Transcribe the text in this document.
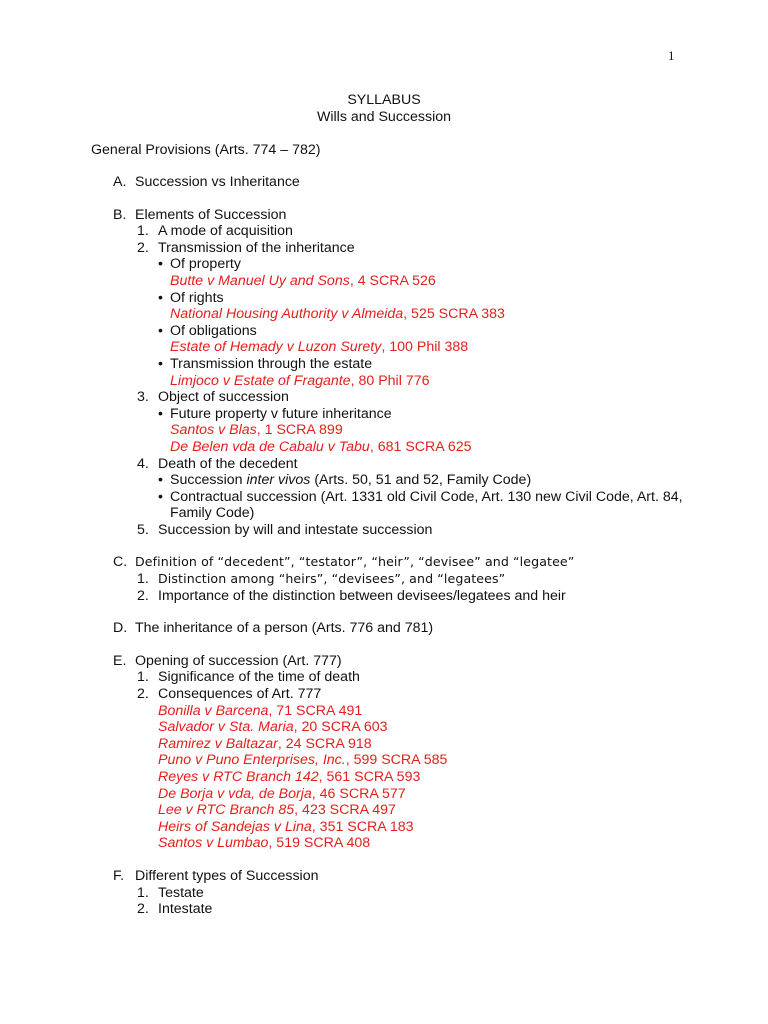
1
SYLLABUS
Wills and Succession
General Provisions (Arts. 774 – 782)
A. Succession vs Inheritance
B. Elements of Succession
1. A mode of acquisition
2. Transmission of the inheritance
• Of property
Butte v Manuel Uy and Sons, 4 SCRA 526
• Of rights
National Housing Authority v Almeida, 525 SCRA 383
• Of obligations
Estate of Hemady v Luzon Surety, 100 Phil 388
• Transmission through the estate
Limjoco v Estate of Fragante, 80 Phil 776
3. Object of succession
• Future property v future inheritance
Santos v Blas, 1 SCRA 899
De Belen vda de Cabalu v Tabu, 681 SCRA 625
4. Death of the decedent
• Succession inter vivos (Arts. 50, 51 and 52, Family Code)
• Contractual succession (Art. 1331 old Civil Code, Art. 130 new Civil Code, Art. 84, Family Code)
5. Succession by will and intestate succession
C. Definition of “decedent”, “testator”, “heir”, “devisee” and “legatee”
1. Distinction among “heirs”, “devisees”, and “legatees”
2. Importance of the distinction between devisees/legatees and heir
D. The inheritance of a person (Arts. 776 and 781)
E. Opening of succession (Art. 777)
1. Significance of the time of death
2. Consequences of Art. 777
Bonilla v Barcena, 71 SCRA 491
Salvador v Sta. Maria, 20 SCRA 603
Ramirez v Baltazar, 24 SCRA 918
Puno v Puno Enterprises, Inc., 599 SCRA 585
Reyes v RTC Branch 142, 561 SCRA 593
De Borja v vda, de Borja, 46 SCRA 577
Lee v RTC Branch 85, 423 SCRA 497
Heirs of Sandejas v Lina, 351 SCRA 183
Santos v Lumbao, 519 SCRA 408
F. Different types of Succession
1. Testate
2. Intestate
